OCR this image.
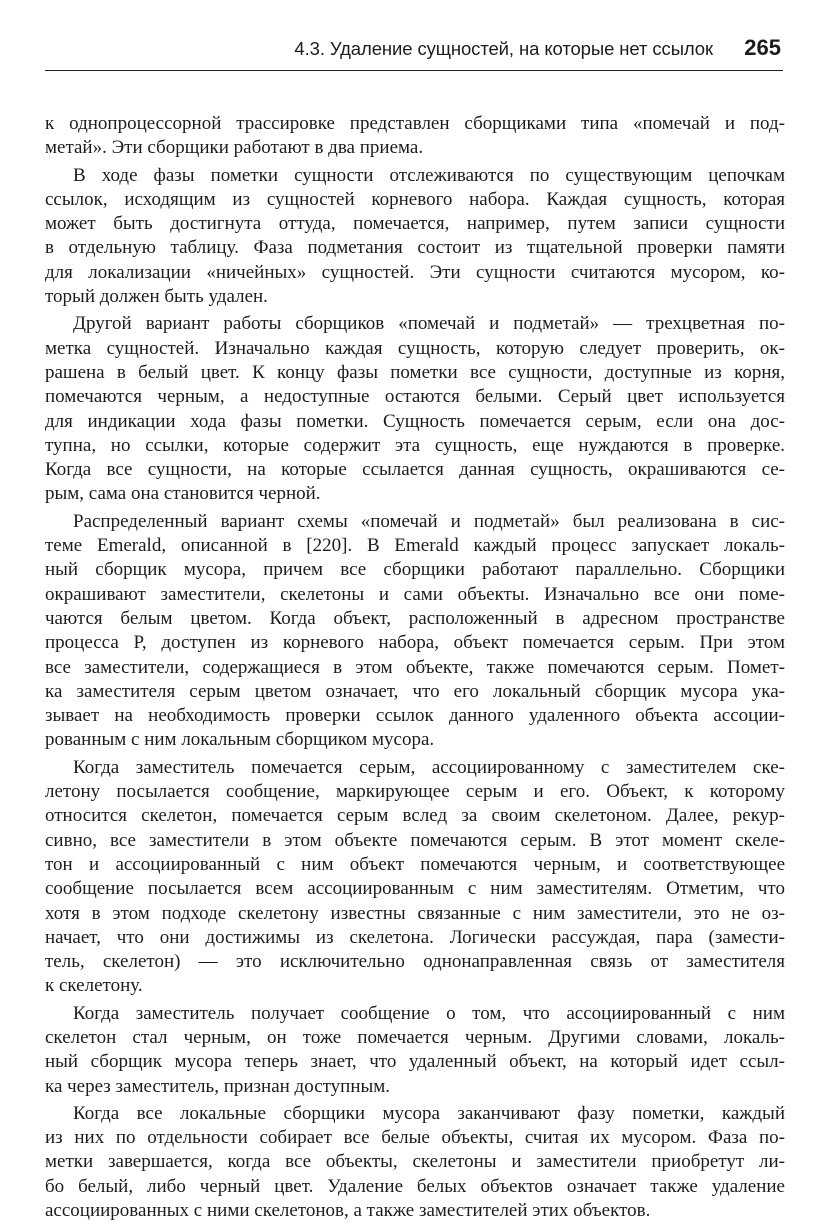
4.3. Удаление сущностей, на которые нет ссылок 265
к однопроцессорной трассировке представлен сборщиками типа «помечай и под-
метай». Эти сборщики работают в два приема.
В ходе фазы пометки сущности отслеживаются по существующим цепочкам
ссылок, исходящим из сущностей корневого набора. Каждая сущность, которая
может быть достигнута оттуда, помечается, например, путем записи сущности
в отдельную таблицу. Фаза подметания состоит из тщательной проверки памяти
для локализации «ничейных» сущностей. Эти сущности считаются мусором, ко-
торый должен быть удален.
Другой вариант работы сборщиков «помечай и подметай» — трехцветная по-
метка сущностей. Изначально каждая сущность, которую следует проверить, ок-
рашена в белый цвет. К концу фазы пометки все сущности, доступные из корня,
помечаются черным, а недоступные остаются белыми. Серый цвет используется
для индикации хода фазы пометки. Сущность помечается серым, если она дос-
тупна, но ссылки, которые содержит эта сущность, еще нуждаются в проверке.
Когда все сущности, на которые ссылается данная сущность, окрашиваются се-
рым, сама она становится черной.
Распределенный вариант схемы «помечай и подметай» был реализована в сис-
теме Emerald, описанной в [220]. В Emerald каждый процесс запускает локаль-
ный сборщик мусора, причем все сборщики работают параллельно. Сборщики
окрашивают заместители, скелетоны и сами объекты. Изначально все они поме-
чаются белым цветом. Когда объект, расположенный в адресном пространстве
процесса P, доступен из корневого набора, объект помечается серым. При этом
все заместители, содержащиеся в этом объекте, также помечаются серым. Помет-
ка заместителя серым цветом означает, что его локальный сборщик мусора ука-
зывает на необходимость проверки ссылок данного удаленного объекта ассоции-
рованным с ним локальным сборщиком мусора.
Когда заместитель помечается серым, ассоциированному с заместителем ске-
летону посылается сообщение, маркирующее серым и его. Объект, к которому
относится скелетон, помечается серым вслед за своим скелетоном. Далее, рекур-
сивно, все заместители в этом объекте помечаются серым. В этот момент скеле-
тон и ассоциированный с ним объект помечаются черным, и соответствующее
сообщение посылается всем ассоциированным с ним заместителям. Отметим, что
хотя в этом подходе скелетону известны связанные с ним заместители, это не оз-
начает, что они достижимы из скелетона. Логически рассуждая, пара (замести-
тель, скелетон) — это исключительно однонаправленная связь от заместителя
к скелетону.
Когда заместитель получает сообщение о том, что ассоциированный с ним
скелетон стал черным, он тоже помечается черным. Другими словами, локаль-
ный сборщик мусора теперь знает, что удаленный объект, на который идет ссыл-
ка через заместитель, признан доступным.
Когда все локальные сборщики мусора заканчивают фазу пометки, каждый
из них по отдельности собирает все белые объекты, считая их мусором. Фаза по-
метки завершается, когда все объекты, скелетоны и заместители приобретут ли-
бо белый, либо черный цвет. Удаление белых объектов означает также удаление
ассоциированных с ними скелетонов, а также заместителей этих объектов.
